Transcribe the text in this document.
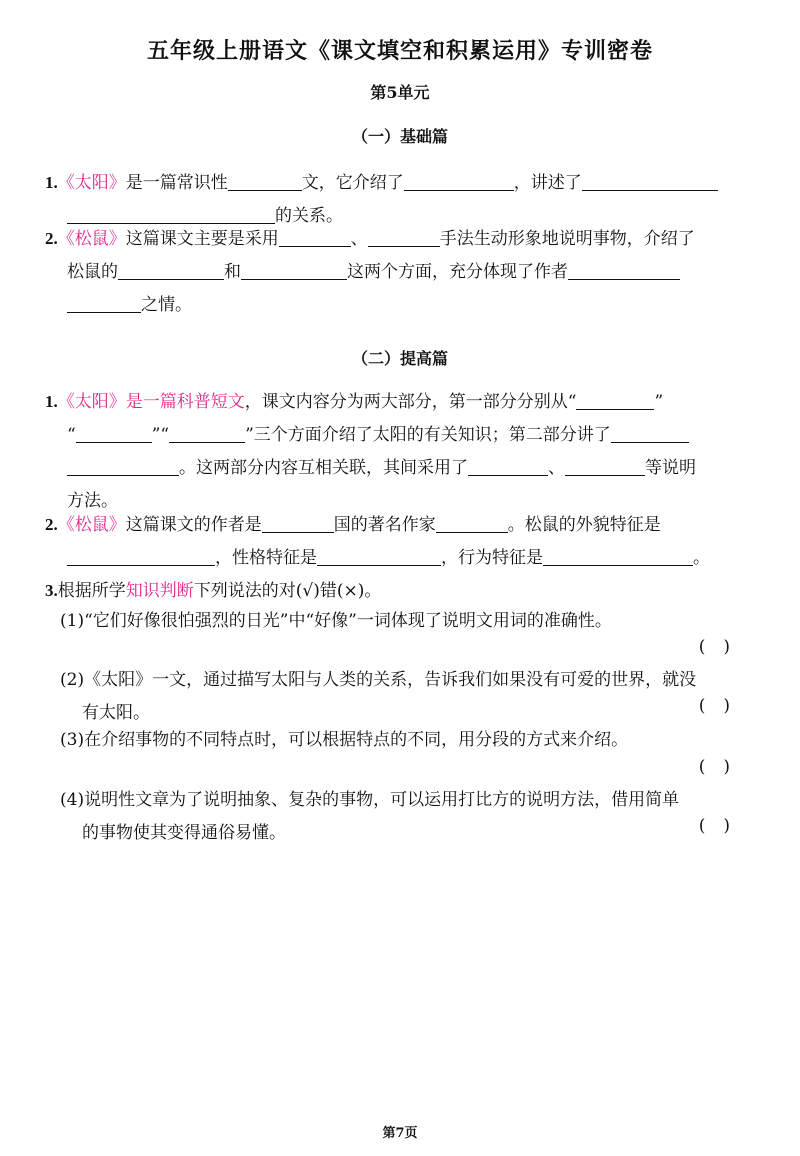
五年级上册语文《课文填空和积累运用》专训密卷
第5单元
（一）基础篇
1.《太阳》是一篇常识性	文，它介绍了	，讲述了
的关系。
2.《松鼠》这篇课文主要是采用	、	手法生动形象地说明事物，介绍了
松鼠的	和	这两个方面，充分体现了作者
之情。
（二）提高篇
1.《太阳》是一篇科普短文，课文内容分为两大部分，第一部分分别从“	”
“	”“	”三个方面介绍了太阳的有关知识；第二部分讲了
。这两部分内容互相关联，其间采用了	、	等说明
方法。
2.《松鼠》这篇课文的作者是	国的著名作家	。松鼠的外貌特征是
，性格特征是	，行为特征是	。
3.根据所学知识判断下列说法的对(√)错(×)。
(1)“它们好像很怕强烈的日光”中“好像”一词体现了说明文用词的准确性。
()
(2)《太阳》一文，通过描写太阳与人类的关系，告诉我们如果没有可爱的世界，就没
有太阳。	()
(3)在介绍事物的不同特点时，可以根据特点的不同，用分段的方式来介绍。
()
(4)说明性文章为了说明抽象、复杂的事物，可以运用打比方的说明方法，借用简单
的事物使其变得通俗易懂。	()
第7页
